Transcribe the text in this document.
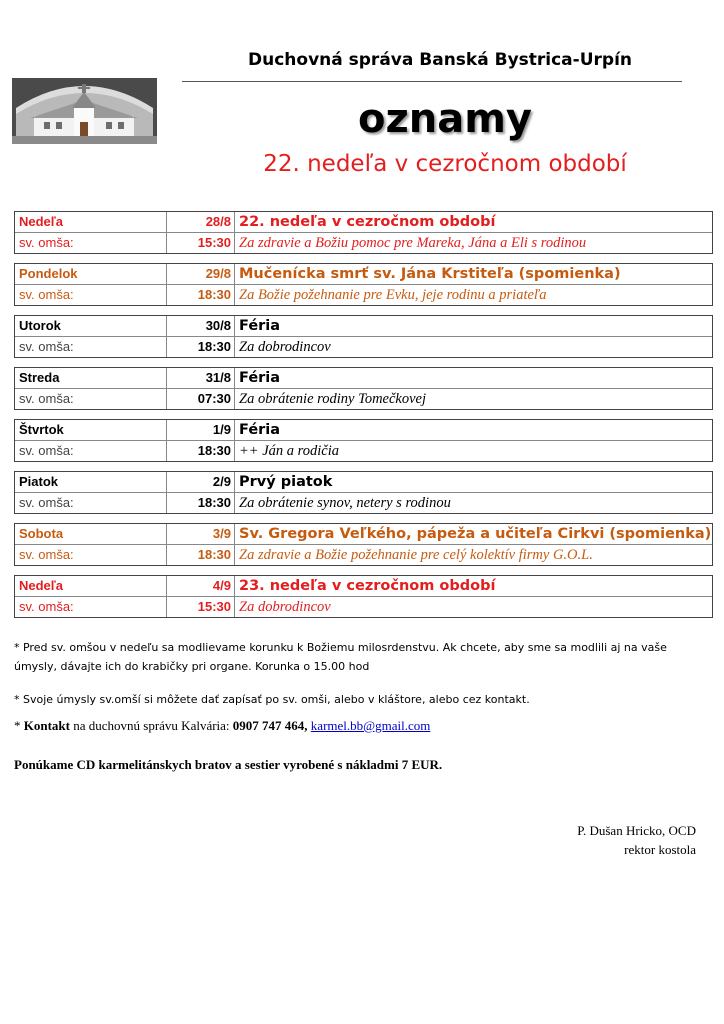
Duchovná správa Banská Bystrica-Urpín
oznamy
22. nedeľa v cezročnom období
Nedeľa	28/8 22. nedeľa v cezročnom období
sv. omša:	15:30 Za zdravie a Božiu pomoc pre Mareka, Jána a Eli s rodinou
Pondelok	29/8 Mučenícka smrť sv. Jána Krstiteľa (spomienka)
sv. omša:	18:30 Za Božie požehnanie pre Evku, jeje rodinu a priateľa
Utorok	30/8 Féria
sv. omša:	18:30 Za dobrodincov
Streda	31/8 Féria
sv. omša:	07:30 Za obrátenie rodiny Tomečkovej
Štvrtok	1/9 Féria
sv. omša:	18:30 ++ Ján a rodičia
Piatok	2/9 Prvý piatok
sv. omša:	18:30 Za obrátenie synov, netery s rodinou
Sobota	3/9 Sv. Gregora Veľkého, pápeža a učiteľa Cirkvi (spomienka)
sv. omša:	18:30 Za zdravie a Božie požehnanie pre celý kolektív firmy G.O.L.
Nedeľa	4/9 23. nedeľa v cezročnom období
sv. omša:	15:30 Za dobrodincov
* Pred sv. omšou v nedeľu sa modlievame korunku k Božiemu milosrdenstvu. Ak chcete, aby sme sa modlili aj na vaše úmysly, dávajte ich do krabičky pri organe. Korunka o 15.00 hod
* Svoje úmysly sv.omší si môžete dať zapísať po sv. omši, alebo v kláštore, alebo cez kontakt.
* Kontakt na duchovnú správu Kalvária: 0907 747 464, karmel.bb@gmail.com
Ponúkame CD karmelitánskych bratov a sestier vyrobené s nákladmi 7 EUR.
P. Dušan Hricko, OCD
rektor kostola
